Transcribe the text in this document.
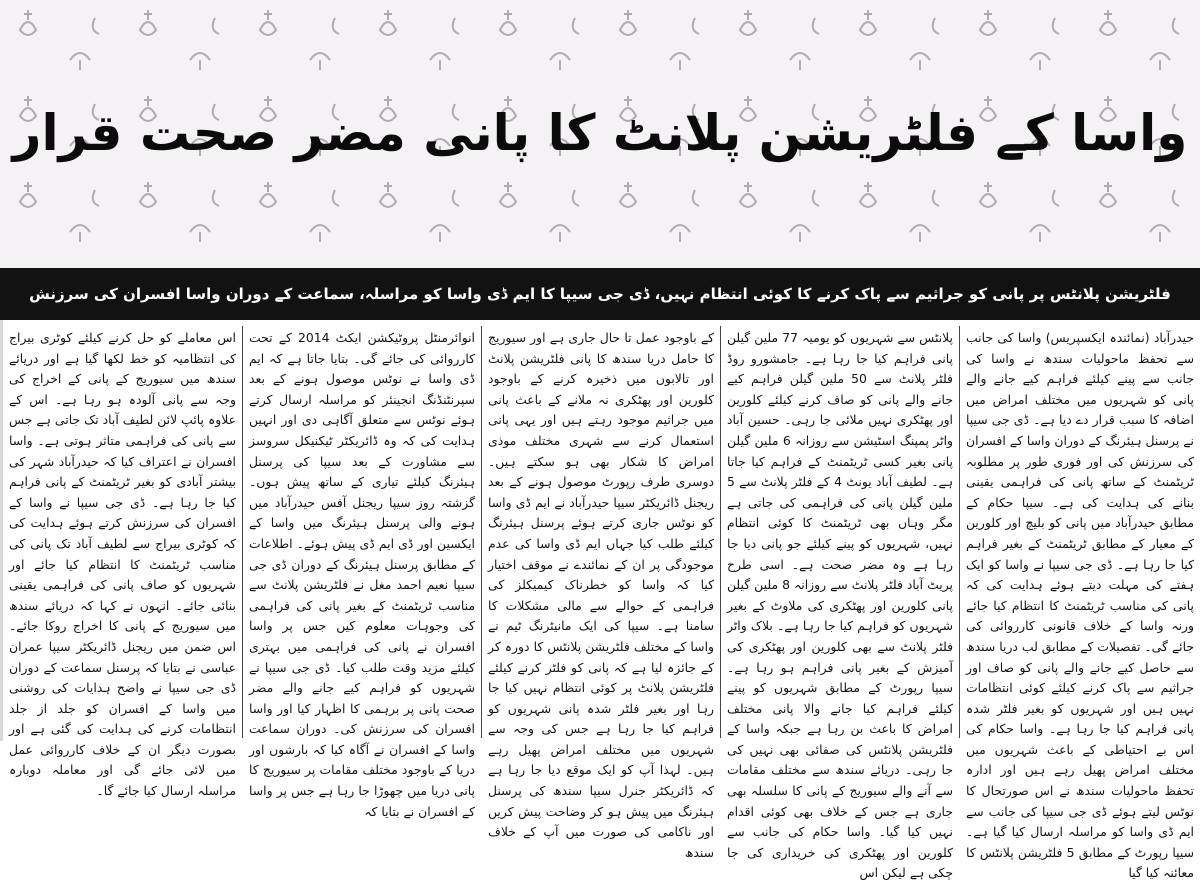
واسا کے فلٹریشن پلانٹ کا پانی مضر صحت قرار
فلٹریشن پلانٹس پر پانی کو جراثیم سے پاک کرنے کا کوئی انتظام نہیں، ڈی جی سیپا کا ایم ڈی واسا کو مراسلہ، سماعت کے دوران واسا افسران کی سرزنش
حیدرآباد (نمائندہ ایکسپریس) واسا کی جانب سے تحفظ ماحولیات سندھ نے واسا کی جانب سے پینے کیلئے فراہم کیے جانے والے پانی کو شہریوں میں مختلف امراض میں اضافہ کا سبب قرار دے دیا ہے۔ ڈی جی سیپا نے پرسنل ہیئرنگ کے دوران واسا کے افسران کی سرزنش کی اور فوری طور پر مطلوبہ ٹریٹمنٹ کے ساتھ پانی کی فراہمی یقینی بنانے کی ہدایت کی ہے۔ سیپا حکام کے مطابق حیدرآباد میں پانی کو بلیچ اور کلورین کے معیار کے مطابق ٹریٹمنٹ کے بغیر فراہم کیا جا رہا ہے۔ ڈی جی سیپا نے واسا کو ایک ہفتے کی مہلت دیتے ہوئے ہدایت کی کہ پانی کی مناسب ٹریٹمنٹ کا انتظام کیا جائے ورنہ واسا کے خلاف قانونی کارروائی کی جائے گی۔ تفصیلات کے مطابق لب دریا سندھ سے حاصل کیے جانے والے پانی کو صاف اور جراثیم سے پاک کرنے کیلئے کوئی انتظامات نہیں ہیں اور شہریوں کو بغیر فلٹر شدہ پانی فراہم کیا جا رہا ہے۔ واسا حکام کی اس بے احتیاطی کے باعث شہریوں میں مختلف امراض پھیل رہے ہیں اور ادارہ تحفظ ماحولیات سندھ نے اس صورتحال کا نوٹس لیتے ہوئے ڈی جی سیپا کی جانب سے ایم ڈی واسا کو مراسلہ ارسال کیا گیا ہے۔ سیپا رپورٹ کے مطابق 5 فلٹریشن پلانٹس کا معائنہ کیا گیا
پلانٹس سے شہریوں کو یومیہ 77 ملین گیلن پانی فراہم کیا جا رہا ہے۔ جامشورو روڈ فلٹر پلانٹ سے 50 ملین گیلن فراہم کیے جانے والے پانی کو صاف کرنے کیلئے کلورین اور پھٹکری نہیں ملائی جا رہی۔ حسین آباد واٹر پمپنگ اسٹیشن سے روزانہ 6 ملین گیلن پانی بغیر کسی ٹریٹمنٹ کے فراہم کیا جاتا ہے۔ لطیف آباد یونٹ 4 کے فلٹر پلانٹ سے 5 ملین گیلن پانی کی فراہمی کی جاتی ہے مگر وہاں بھی ٹریٹمنٹ کا کوئی انتظام نہیں، شہریوں کو پینے کیلئے جو پانی دیا جا رہا ہے وہ مضر صحت ہے۔ اسی طرح پریٹ آباد فلٹر پلانٹ سے روزانہ 8 ملین گیلن پانی کلورین اور پھٹکری کی ملاوٹ کے بغیر شہریوں کو فراہم کیا جا رہا ہے۔ بلاک واٹر فلٹر پلانٹ سے بھی کلورین اور پھٹکری کی آمیزش کے بغیر پانی فراہم ہو رہا ہے۔ سیپا رپورٹ کے مطابق شہریوں کو پینے کیلئے فراہم کیا جانے والا پانی مختلف امراض کا باعث بن رہا ہے جبکہ واسا کے فلٹریشن پلانٹس کی صفائی بھی نہیں کی جا رہی۔ دریائے سندھ سے مختلف مقامات سے آنے والے سیوریج کے پانی کا سلسلہ بھی جاری ہے جس کے خلاف بھی کوئی اقدام نہیں کیا گیا۔ واسا حکام کی جانب سے کلورین اور پھٹکری کی خریداری کی جا چکی ہے لیکن اس
کے باوجود عمل تا حال جاری ہے اور سیوریج کا حامل دریا سندھ کا پانی فلٹریشن پلانٹ اور تالابوں میں ذخیرہ کرنے کے باوجود کلورین اور پھٹکری نہ ملانے کے باعث پانی میں جراثیم موجود رہتے ہیں اور یہی پانی استعمال کرنے سے شہری مختلف موذی امراض کا شکار بھی ہو سکتے ہیں۔ دوسری طرف رپورٹ موصول ہونے کے بعد ریجنل ڈائریکٹر سیپا حیدرآباد نے ایم ڈی واسا کو نوٹس جاری کرتے ہوئے پرسنل ہیئرنگ کیلئے طلب کیا جہاں ایم ڈی واسا کی عدم موجودگی پر ان کے نمائندے نے موقف اختیار کیا کہ واسا کو خطرناک کیمیکلز کی فراہمی کے حوالے سے مالی مشکلات کا سامنا ہے۔ سیپا کی ایک مانیٹرنگ ٹیم نے واسا کے مختلف فلٹریشن پلانٹس کا دورہ کر کے جائزہ لیا ہے کہ پانی کو فلٹر کرنے کیلئے فلٹریشن پلانٹ پر کوئی انتظام نہیں کیا جا رہا اور بغیر فلٹر شدہ پانی شہریوں کو فراہم کیا جا رہا ہے جس کی وجہ سے شہریوں میں مختلف امراض پھیل رہے ہیں۔ لہذا آپ کو ایک موقع دیا جا رہا ہے کہ ڈائریکٹر جنرل سیپا سندھ کی پرسنل ہیئرنگ میں پیش ہو کر وضاحت پیش کریں اور ناکامی کی صورت میں آپ کے خلاف سندھ
انوائرمنٹل پروٹیکشن ایکٹ 2014 کے تحت کارروائی کی جائے گی۔ بتایا جاتا ہے کہ ایم ڈی واسا نے نوٹس موصول ہونے کے بعد سپرنٹنڈنگ انجینئر کو مراسلہ ارسال کرتے ہوئے نوٹس سے متعلق آگاہی دی اور انہیں ہدایت کی کہ وہ ڈائریکٹر ٹیکنیکل سروسز سے مشاورت کے بعد سیپا کی پرسنل ہیئرنگ کیلئے تیاری کے ساتھ پیش ہوں۔ گزشتہ روز سیپا ریجنل آفس حیدرآباد میں ہونے والی پرسنل ہیئرنگ میں واسا کے ایکسین اور ڈی ایم ڈی پیش ہوئے۔ اطلاعات کے مطابق پرسنل ہیئرنگ کے دوران ڈی جی سیپا نعیم احمد مغل نے فلٹریشن پلانٹ سے مناسب ٹریٹمنٹ کے بغیر پانی کی فراہمی کی وجوہات معلوم کیں جس پر واسا افسران نے پانی کی فراہمی میں بہتری کیلئے مزید وقت طلب کیا۔ ڈی جی سیپا نے شہریوں کو فراہم کیے جانے والے مضر صحت پانی پر برہمی کا اظہار کیا اور واسا افسران کی سرزنش کی۔ دوران سماعت واسا کے افسران نے آگاہ کیا کہ بارشوں اور دریا کے باوجود مختلف مقامات پر سیوریج کا پانی دریا میں چھوڑا جا رہا ہے جس پر واسا کے افسران نے بتایا کہ
اس معاملے کو حل کرنے کیلئے کوٹری بیراج کی انتظامیہ کو خط لکھا گیا ہے اور دریائے سندھ میں سیوریج کے پانی کے اخراج کی وجہ سے پانی آلودہ ہو رہا ہے۔ اس کے علاوہ پائپ لائن لطیف آباد تک جاتی ہے جس سے پانی کی فراہمی متاثر ہوتی ہے۔ واسا افسران نے اعتراف کیا کہ حیدرآباد شہر کی بیشتر آبادی کو بغیر ٹریٹمنٹ کے پانی فراہم کیا جا رہا ہے۔ ڈی جی سیپا نے واسا کے افسران کی سرزنش کرتے ہوئے ہدایت کی کہ کوٹری بیراج سے لطیف آباد تک پانی کی مناسب ٹریٹمنٹ کا انتظام کیا جائے اور شہریوں کو صاف پانی کی فراہمی یقینی بنائی جائے۔ انہوں نے کہا کہ دریائے سندھ میں سیوریج کے پانی کا اخراج روکا جائے۔ اس ضمن میں ریجنل ڈائریکٹر سیپا عمران عباسی نے بتایا کہ پرسنل سماعت کے دوران ڈی جی سیپا نے واضح ہدایات کی روشنی میں واسا کے افسران کو جلد از جلد انتظامات کرنے کی ہدایت کی گئی ہے اور بصورت دیگر ان کے خلاف کارروائی عمل میں لائی جائے گی اور معاملہ دوبارہ مراسلہ ارسال کیا جائے گا۔
